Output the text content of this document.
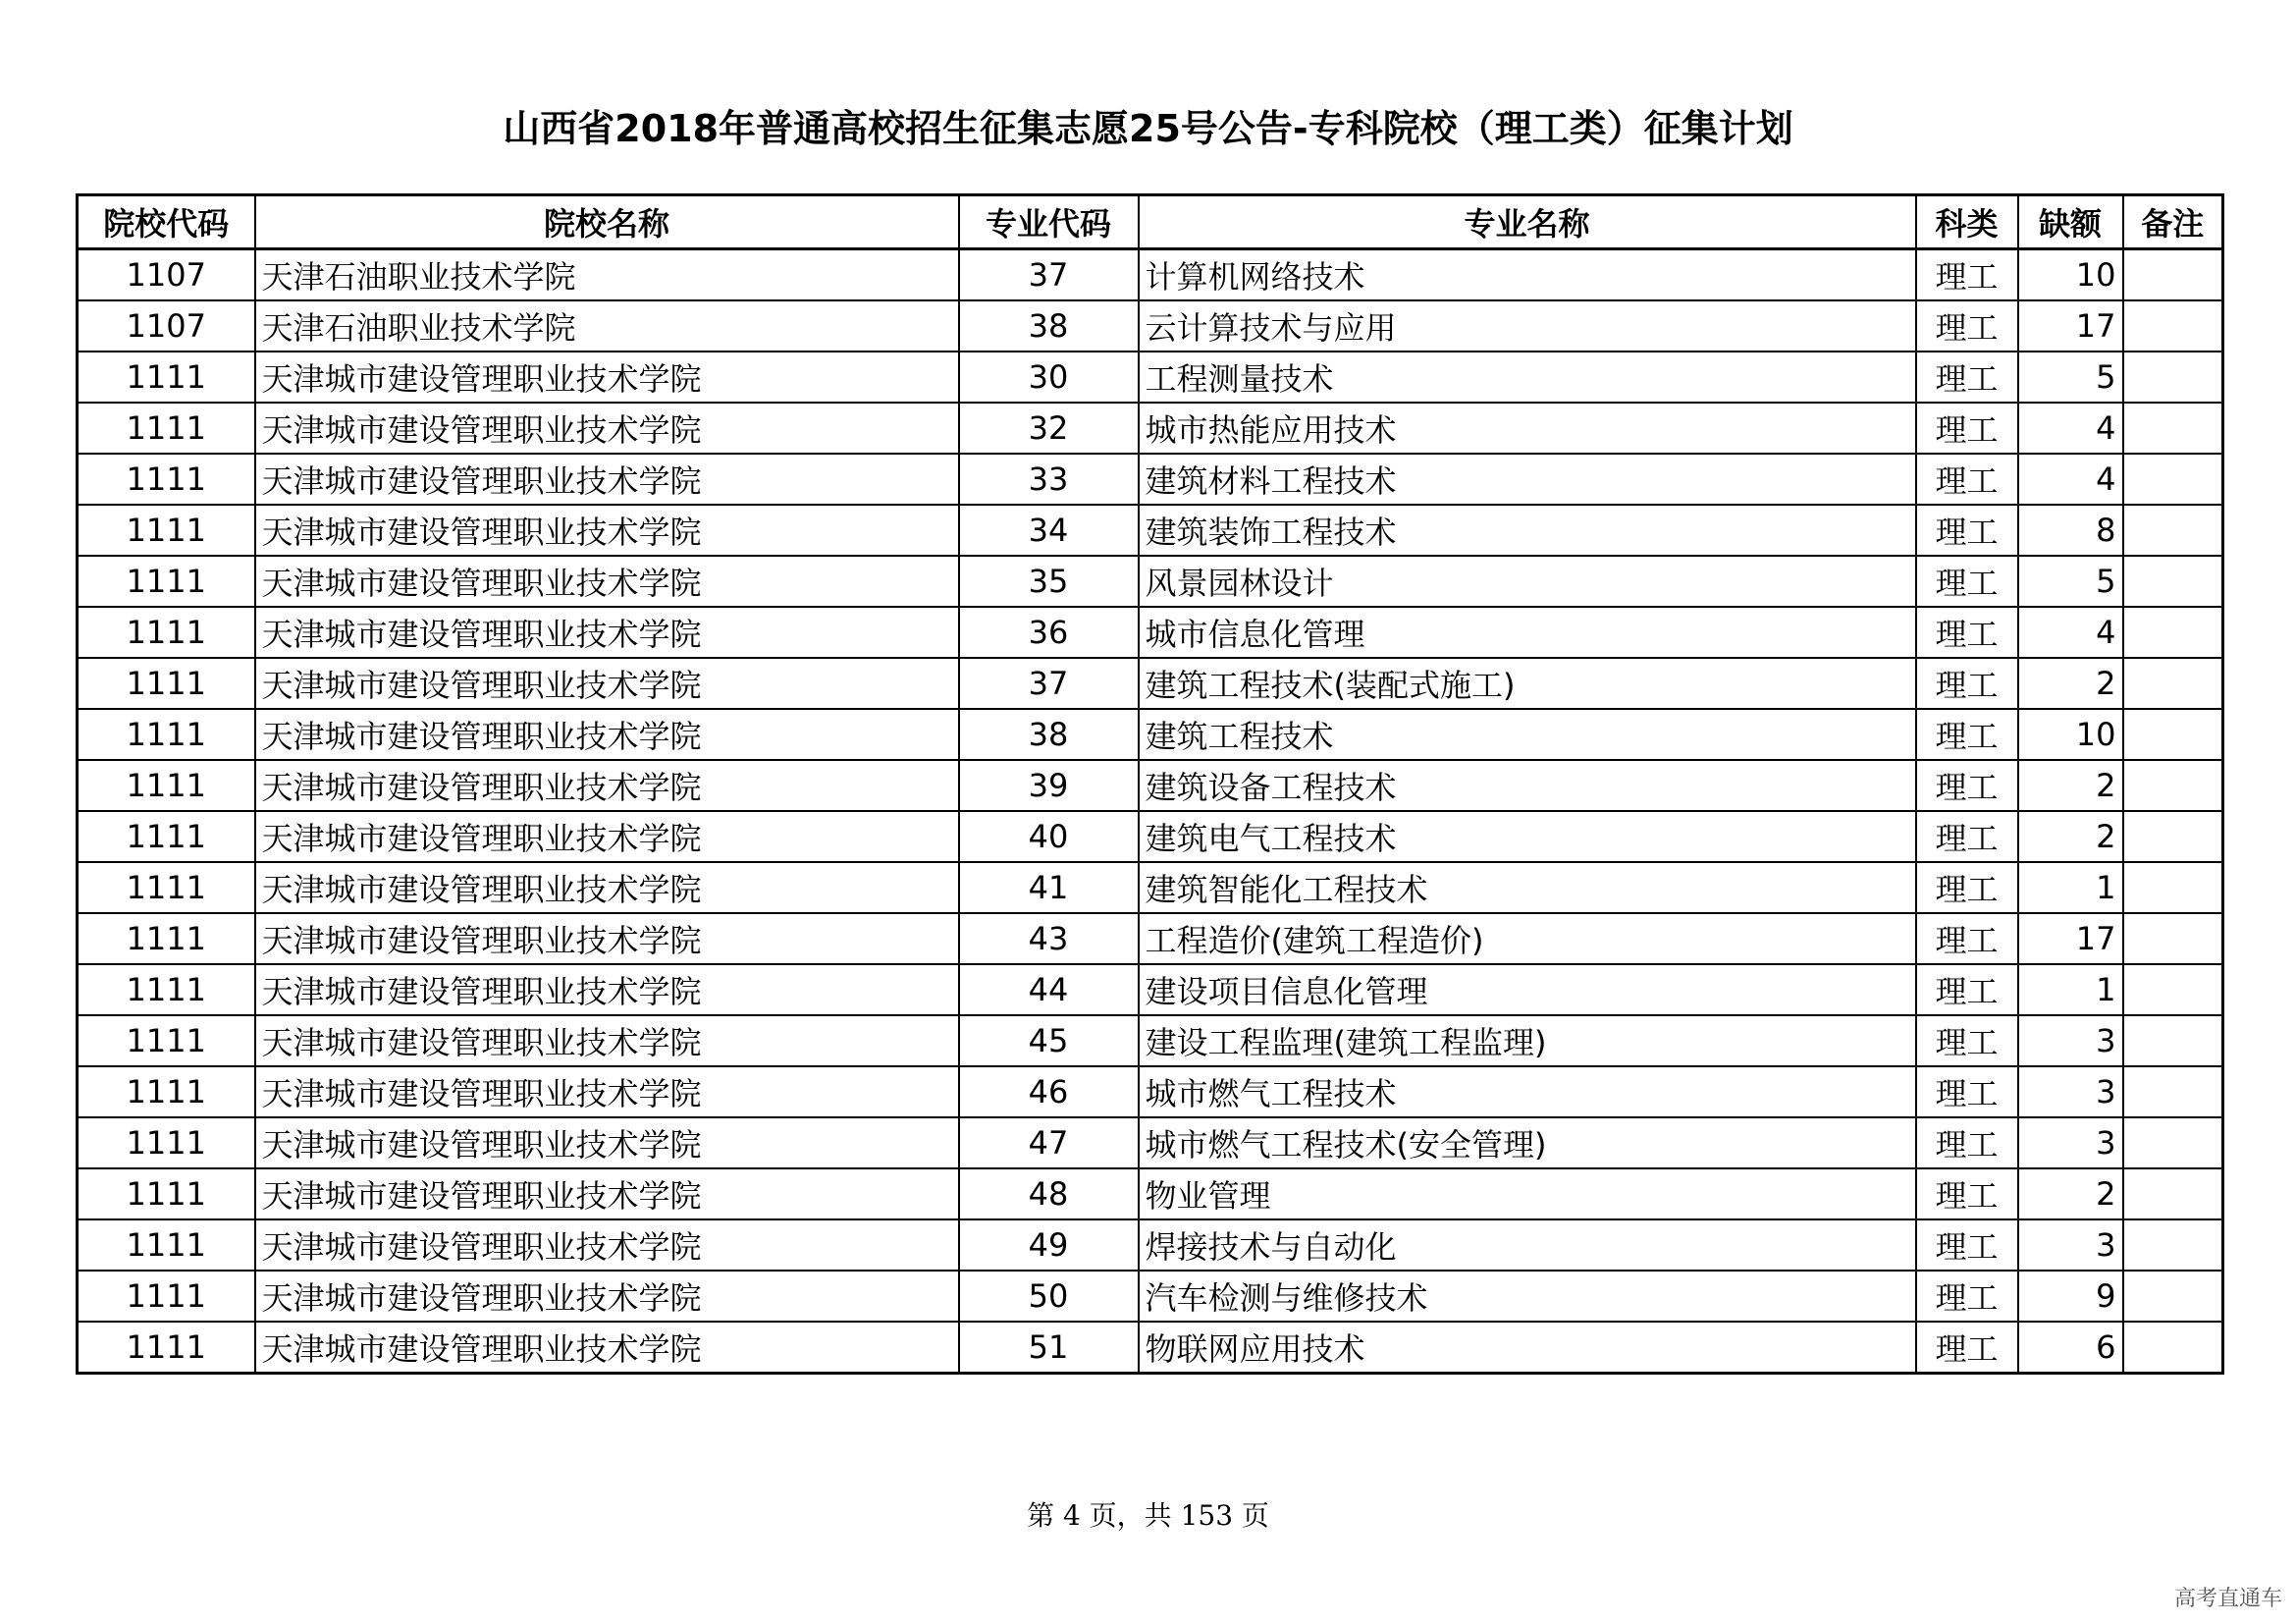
山西省2018年普通高校招生征集志愿25号公告-专科院校（理工类）征集计划
院校代码	院校名称	专业代码	专业名称	科类	缺额	备注
1107	天津石油职业技术学院	37	计算机网络技术	理工	10	
1107	天津石油职业技术学院	38	云计算技术与应用	理工	17	
1111	天津城市建设管理职业技术学院	30	工程测量技术	理工	5	
1111	天津城市建设管理职业技术学院	32	城市热能应用技术	理工	4	
1111	天津城市建设管理职业技术学院	33	建筑材料工程技术	理工	4	
1111	天津城市建设管理职业技术学院	34	建筑装饰工程技术	理工	8	
1111	天津城市建设管理职业技术学院	35	风景园林设计	理工	5	
1111	天津城市建设管理职业技术学院	36	城市信息化管理	理工	4	
1111	天津城市建设管理职业技术学院	37	建筑工程技术(装配式施工)	理工	2	
1111	天津城市建设管理职业技术学院	38	建筑工程技术	理工	10	
1111	天津城市建设管理职业技术学院	39	建筑设备工程技术	理工	2	
1111	天津城市建设管理职业技术学院	40	建筑电气工程技术	理工	2	
1111	天津城市建设管理职业技术学院	41	建筑智能化工程技术	理工	1	
1111	天津城市建设管理职业技术学院	43	工程造价(建筑工程造价)	理工	17	
1111	天津城市建设管理职业技术学院	44	建设项目信息化管理	理工	1	
1111	天津城市建设管理职业技术学院	45	建设工程监理(建筑工程监理)	理工	3	
1111	天津城市建设管理职业技术学院	46	城市燃气工程技术	理工	3	
1111	天津城市建设管理职业技术学院	47	城市燃气工程技术(安全管理)	理工	3	
1111	天津城市建设管理职业技术学院	48	物业管理	理工	2	
1111	天津城市建设管理职业技术学院	49	焊接技术与自动化	理工	3	
1111	天津城市建设管理职业技术学院	50	汽车检测与维修技术	理工	9	
1111	天津城市建设管理职业技术学院	51	物联网应用技术	理工	6	
第 4 页，共 153 页
高考直通车
